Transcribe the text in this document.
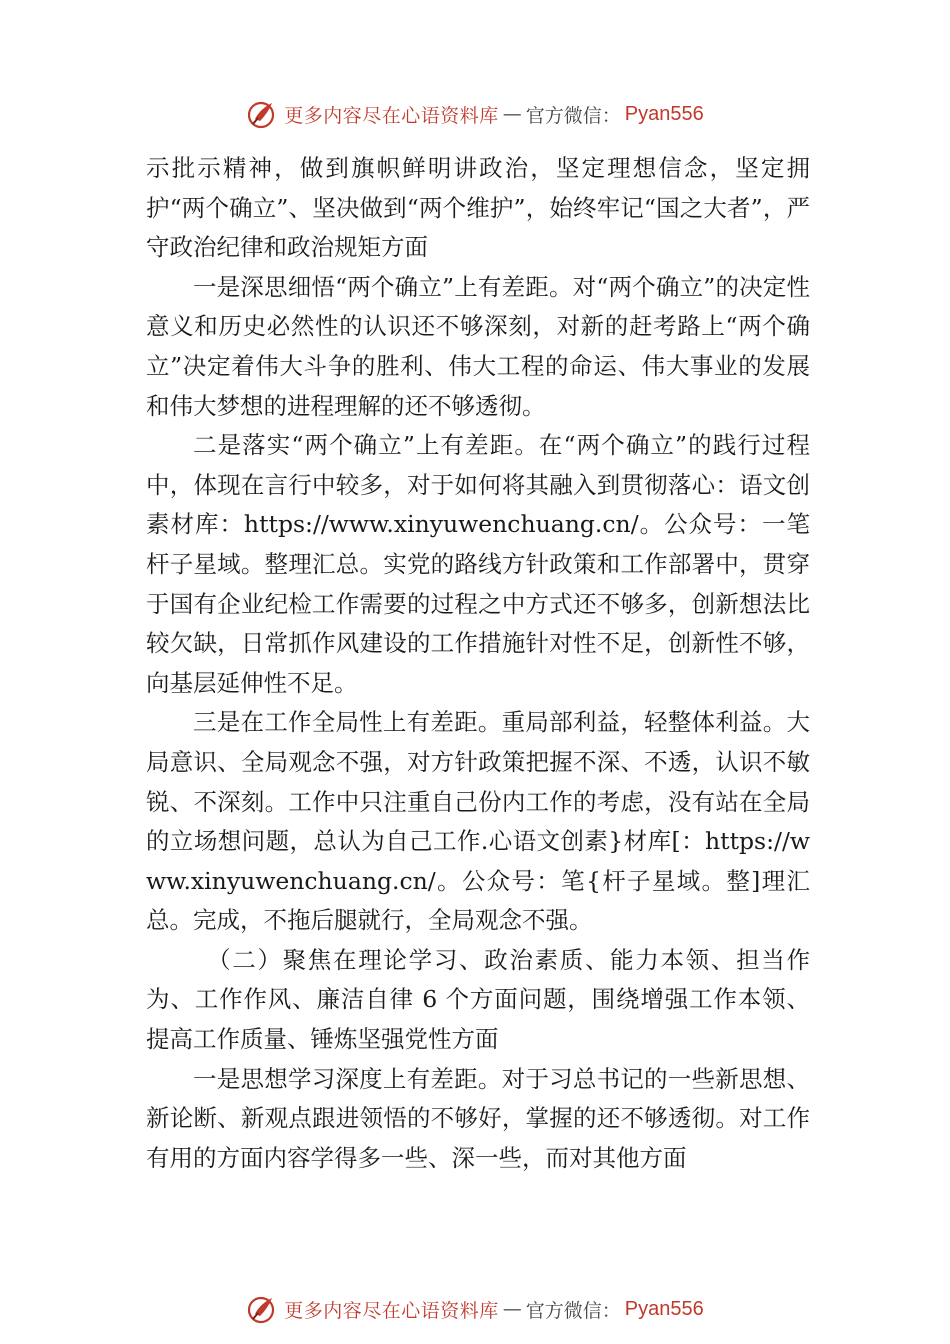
更多内容尽在心语资料库 — 官方微信： Pyan556

示批示精神，做到旗帜鲜明讲政治，坚定理想信念，坚定拥护“两个确立”、坚决做到“两个维护”，始终牢记“国之大者”，严守政治纪律和政治规矩方面

一是深思细悟“两个确立”上有差距。对“两个确立”的决定性意义和历史必然性的认识还不够深刻，对新的赶考路上“两个确立”决定着伟大斗争的胜利、伟大工程的命运、伟大事业的发展和伟大梦想的进程理解的还不够透彻。

二是落实“两个确立”上有差距。在“两个确立”的践行过程中，体现在言行中较多，对于如何将其融入到贯彻落心：语文创素材库：https://www.xinyuwenchuang.cn/。公众号：一笔杆子星域。整理汇总。实党的路线方针政策和工作部署中，贯穿于国有企业纪检工作需要的过程之中方式还不够多，创新想法比较欠缺，日常抓作风建设的工作措施针对性不足，创新性不够，向基层延伸性不足。

三是在工作全局性上有差距。重局部利益，轻整体利益。大局意识、全局观念不强，对方针政策把握不深、不透，认识不敏锐、不深刻。工作中只注重自己份内工作的考虑，没有站在全局的立场想问题，总认为自己工作.心语文创素}材库[：https://www.xinyuwenchuang.cn/。公众号：笔{杆子星域。整]理汇总。完成，不拖后腿就行，全局观念不强。

（二）聚焦在理论学习、政治素质、能力本领、担当作为、工作作风、廉洁自律 6 个方面问题，围绕增强工作本领、提高工作质量、锤炼坚强党性方面

一是思想学习深度上有差距。对于习总书记的一些新思想、新论断、新观点跟进领悟的不够好，掌握的还不够透彻。对工作有用的方面内容学得多一些、深一些，而对其他方面

更多内容尽在心语资料库 — 官方微信： Pyan556
